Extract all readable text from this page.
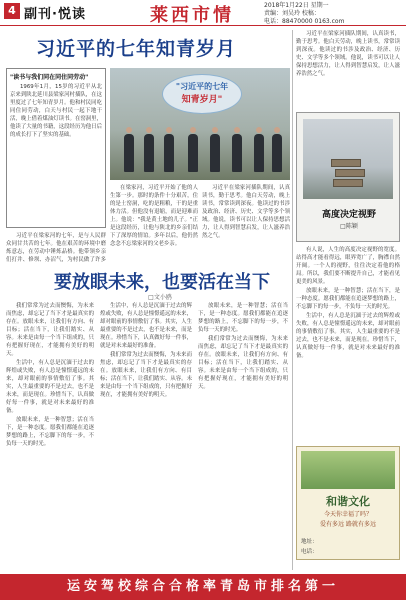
4 副刊·悦读	莱西市情	2018年1月22日 星期一
责编：刘吴玲 校稿：
电话：88470000 0163.com
习近平的七年知青岁月
"读书与我们同在同住同劳动"

1969年1月，15岁的习近平从北京来到陕北延川县梁家河村插队，在这里度过了七年知青岁月。他和村民同吃同住同劳动，白天与村民一起下地干活，晚上借着煤油灯读书。在窑洞里，他读了大量的书籍，这段经历为他日后的成长打下了坚实的基础。

"习近平的七年
知青岁月"

习近平在梁家河的七年，是与人民群众同甘共苦的七年。他在艰苦的环境中磨炼意志，在劳动中锤炼品格。他带领乡亲们打井、修坝、办沼气，为村民做了许多

在梁家河，习近平开始了他的人生第一步。那时的条件十分艰苦，住的是土窑洞，吃的是粗粮，干的是重体力活。但他没有退缩，而是迎难而上。他说："我是黄土地的儿子。"正是这段经历，让他与陕北的乡亲们结下了深厚的情谊。多年以后，他仍然念念不忘梁家河的父老乡亲。

习近平在梁家河插队期间，认真读书，勤于思考。他白天劳动，晚上读书，常常读到深夜。他读过的书涉及政治、经济、历史、文学等多个领域。他说，读书可以让人保持思想活力，让人得到智慧启发，让人滋养浩然之气。

习近平在梁家河插队期间，认真读书，勤于思考。他白天劳动，晚上读书，常常读到深夜。他读过的书涉及政治、经济、历史、文学等多个领域。他说，读书可以让人保持思想活力，让人得到智慧启发，让人滋养浩然之气。

高度决定视野
□陈颖

有人说，人生的高度决定视野的宽度。站得高才能看得远，眼界宽广了，胸襟自然开阔。一个人的视野，往往决定着他的格局。所以，我们要不断提升自己，才能看见更美的风景。

放眼未来，是一种智慧；活在当下，是一种态度。愿我们都能在追逐梦想的路上，不忘脚下的每一步，不负每一天的时光。

生活中，有人总是沉湎于过去的辉煌或失败，有人总是憧憬遥远的未来，却对眼前的事情敷衍了事。其实，人生最重要的不是过去，也不是未来，而是现在。珍惜当下，认真做好每一件事，就是对未来最好的准备。

要放眼未来，也要活在当下
□文小鸥

我们常常为过去而懊悔，为未来而焦虑，却忘记了当下才是最真实的存在。放眼未来，让我们有方向、有目标；活在当下，让我们踏实、从容。未来是由每一个当下组成的，只有把握好现在，才能拥有美好的明天。

生活中，有人总是沉湎于过去的辉煌或失败，有人总是憧憬遥远的未来，却对眼前的事情敷衍了事。其实，人生最重要的不是过去，也不是未来，而是现在。珍惜当下，认真做好每一件事，就是对未来最好的准备。

放眼未来，是一种智慧；活在当下，是一种态度。愿我们都能在追逐梦想的路上，不忘脚下的每一步，不负每一天的时光。

生活中，有人总是沉湎于过去的辉煌或失败，有人总是憧憬遥远的未来，却对眼前的事情敷衍了事。其实，人生最重要的不是过去，也不是未来，而是现在。珍惜当下，认真做好每一件事，就是对未来最好的准备。

我们常常为过去而懊悔，为未来而焦虑，却忘记了当下才是最真实的存在。放眼未来，让我们有方向、有目标；活在当下，让我们踏实、从容。未来是由每一个当下组成的，只有把握好现在，才能拥有美好的明天。

放眼未来，是一种智慧；活在当下，是一种态度。愿我们都能在追逐梦想的路上，不忘脚下的每一步，不负每一天的时光。

我们常常为过去而懊悔，为未来而焦虑，却忘记了当下才是最真实的存在。放眼未来，让我们有方向、有目标；活在当下，让我们踏实、从容。未来是由每一个当下组成的，只有把握好现在，才能拥有美好的明天。

和谐文化
今天你幸福了吗？
爱有多远 路就有多远
地址：
电话：
运安驾校综合合格率青岛市排名第一
